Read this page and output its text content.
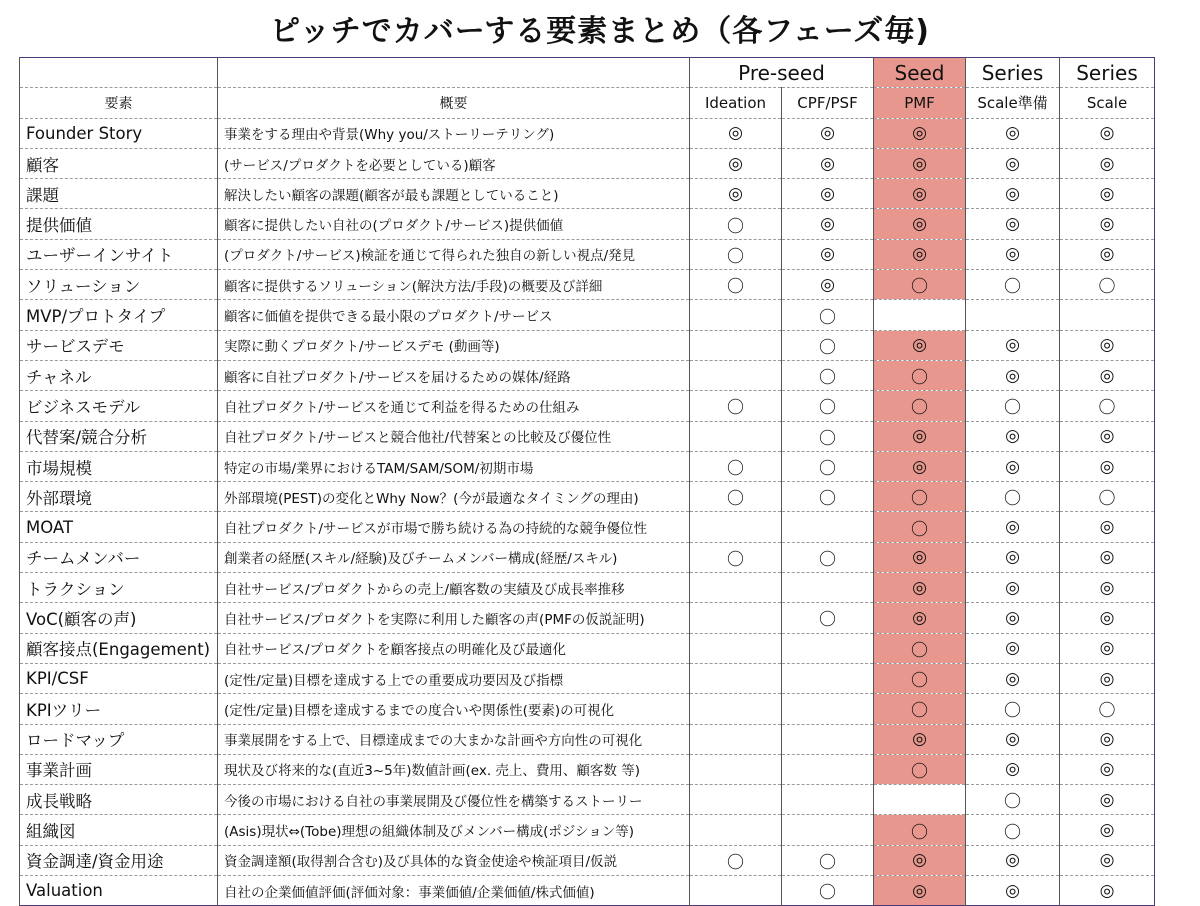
ピッチでカバーする要素まとめ（各フェーズ毎)
		Pre-seed		Seed	Series	Series
要素	概要	Ideation	CPF/PSF	PMF	Scale準備	Scale
Founder Story	事業をする理由や背景(Why you/ストーリーテリング)	◎	◎	◎	◎	◎
顧客	(サービス/プロダクトを必要としている)顧客	◎	◎	◎	◎	◎
課題	解決したい顧客の課題(顧客が最も課題としていること)	◎	◎	◎	◎	◎
提供価値	顧客に提供したい自社の(プロダクト/サービス)提供価値	〇	◎	◎	◎	◎
ユーザーインサイト	(プロダクト/サービス)検証を通じて得られた独自の新しい視点/発見	〇	◎	◎	◎	◎
ソリューション	顧客に提供するソリューション(解決方法/手段)の概要及び詳細	〇	◎	〇	〇	〇
MVP/プロトタイプ	顧客に価値を提供できる最小限のプロダクト/サービス		〇			
サービスデモ	実際に動くプロダクト/サービスデモ (動画等)		〇	◎	◎	◎
チャネル	顧客に自社プロダクト/サービスを届けるための媒体/経路		〇	〇	◎	◎
ビジネスモデル	自社プロダクト/サービスを通じて利益を得るための仕組み	〇	〇	〇	〇	〇
代替案/競合分析	自社プロダクト/サービスと競合他社/代替案との比較及び優位性		〇	◎	◎	◎
市場規模	特定の市場/業界におけるTAM/SAM/SOM/初期市場	〇	〇	◎	◎	◎
外部環境	外部環境(PEST)の変化とWhy Now？(今が最適なタイミングの理由)	〇	〇	〇	〇	〇
MOAT	自社プロダクト/サービスが市場で勝ち続ける為の持続的な競争優位性			〇	◎	◎
チームメンバー	創業者の経歴(スキル/経験)及びチームメンバー構成(経歴/スキル)	〇	〇	◎	◎	◎
トラクション	自社サービス/プロダクトからの売上/顧客数の実績及び成長率推移			◎	◎	◎
VoC(顧客の声)	自社サービス/プロダクトを実際に利用した顧客の声(PMFの仮説証明)		〇	◎	◎	◎
顧客接点(Engagement)	自社サービス/プロダクトを顧客接点の明確化及び最適化			〇	◎	◎
KPI/CSF	(定性/定量)目標を達成する上での重要成功要因及び指標			〇	◎	◎
KPIツリー	(定性/定量)目標を達成するまでの度合いや関係性(要素)の可視化			〇	〇	〇
ロードマップ	事業展開をする上で、目標達成までの大まかな計画や方向性の可視化			◎	◎	◎
事業計画	現状及び将来的な(直近3~5年)数値計画(ex. 売上、費用、顧客数 等)			〇	◎	◎
成長戦略	今後の市場における自社の事業展開及び優位性を構築するストーリー				〇	◎
組織図	(Asis)現状⇔(Tobe)理想の組織体制及びメンバー構成(ポジション等)			〇	〇	◎
資金調達/資金用途	資金調達額(取得割合含む)及び具体的な資金使途や検証項目/仮説	〇	〇	◎	◎	◎
Valuation	自社の企業価値評価(評価対象：事業価値/企業価値/株式価値)		〇	◎	◎	◎
